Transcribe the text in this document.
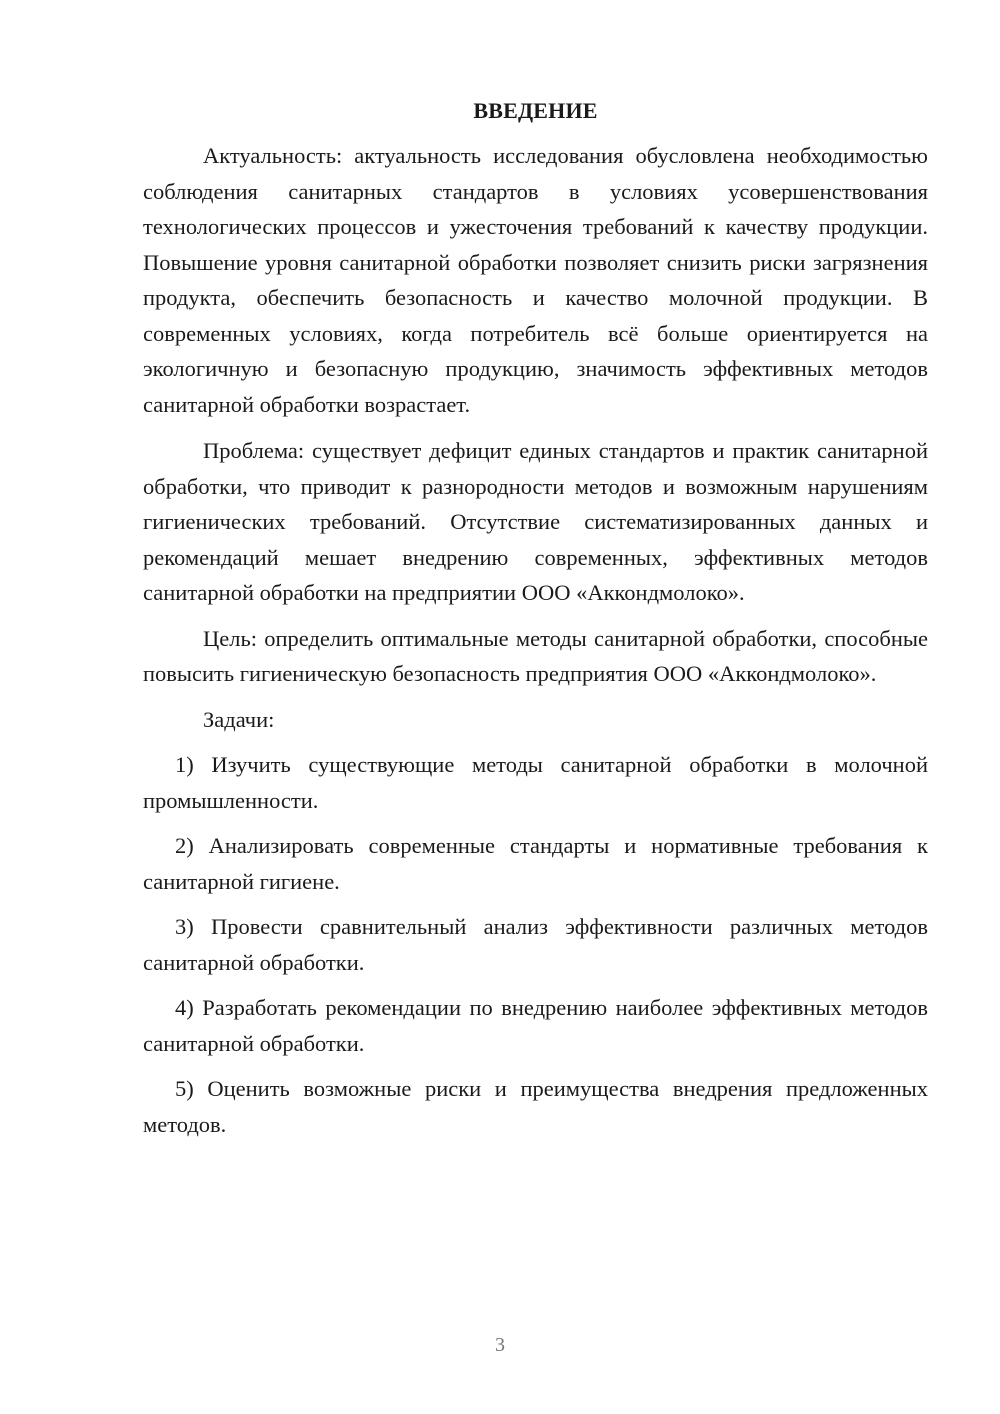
ВВЕДЕНИЕ

Актуальность: актуальность исследования обусловлена необходимостью соблюдения санитарных стандартов в условиях усовершенствования технологических процессов и ужесточения требований к качеству продукции. Повышение уровня санитарной обработки позволяет снизить риски загрязнения продукта, обеспечить безопасность и качество молочной продукции. В современных условиях, когда потребитель всё больше ориентируется на экологичную и безопасную продукцию, значимость эффективных методов санитарной обработки возрастает.

Проблема: существует дефицит единых стандартов и практик санитарной обработки, что приводит к разнородности методов и возможным нарушениям гигиенических требований. Отсутствие систематизированных данных и рекомендаций мешает внедрению современных, эффективных методов санитарной обработки на предприятии ООО «Акк​ондмолоко».

Цель: определить оптимальные методы санитарной обработки, способные повысить гигиеническую безопасность предприятия ООО «Акк​ондмолоко».

Задачи:

1) Изучить существующие методы санитарной обработки в молочной промышленности.

2) Анализировать современные стандарты и нормативные требования к санитарной гигиене.

3) Провести сравнительный анализ эффективности различных методов санитарной обработки.

4) Разработать рекомендации по внедрению наиболее эффективных методов санитарной обработки.

5) Оценить возможные риски и преимущества внедрения предложенных методов.

3
